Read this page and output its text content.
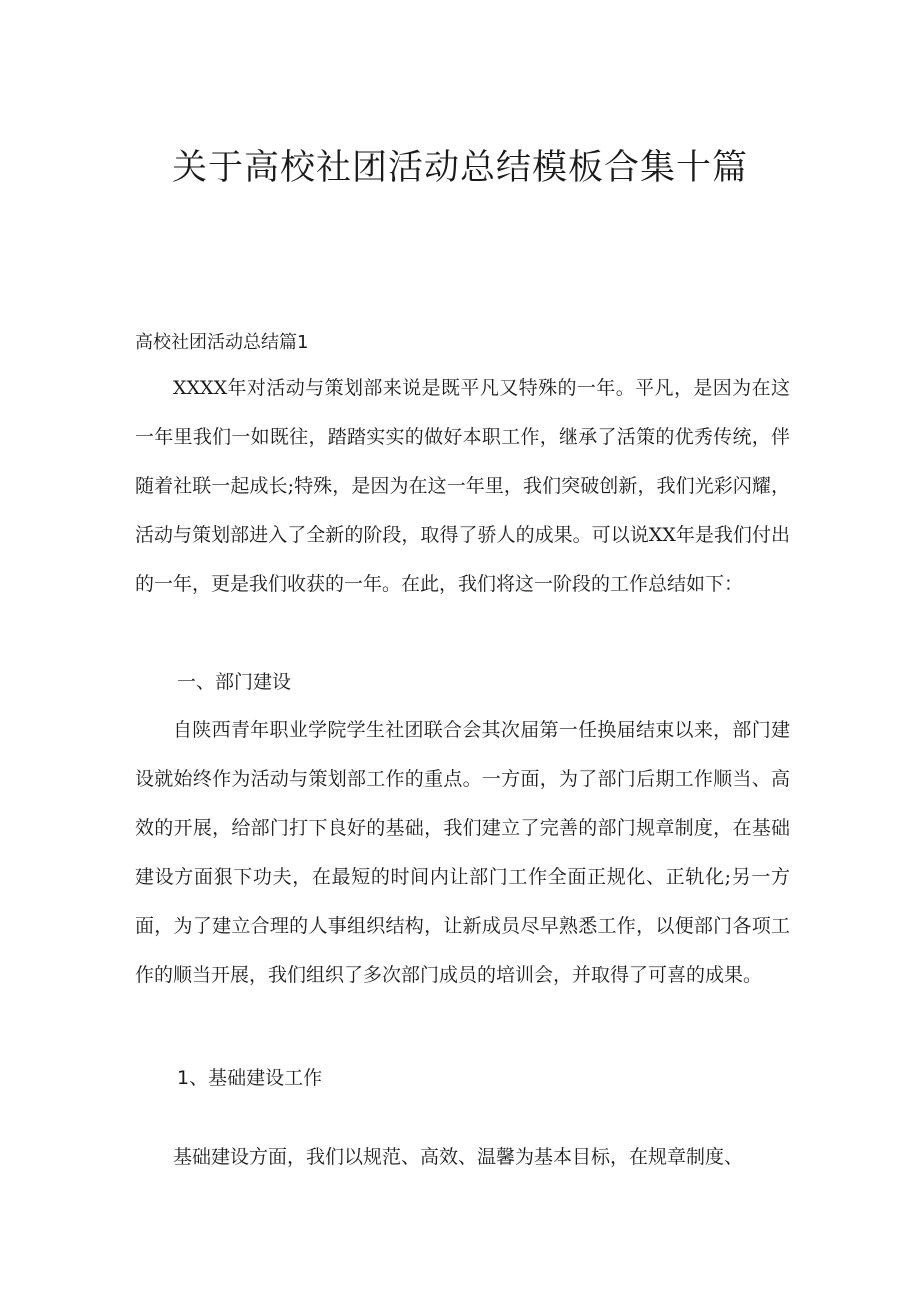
关于高校社团活动总结模板合集十篇

高校社团活动总结篇1

XXXX年对活动与策划部来说是既平凡又特殊的一年。平凡，是因为在这一年里我们一如既往，踏踏实实的做好本职工作，继承了活策的优秀传统，伴随着社联一起成长;特殊，是因为在这一年里，我们突破创新，我们光彩闪耀，活动与策划部进入了全新的阶段，取得了骄人的成果。可以说XX年是我们付出的一年，更是我们收获的一年。在此，我们将这一阶段的工作总结如下：

一、部门建设

自陕西青年职业学院学生社团联合会其次届第一任换届结束以来，部门建设就始终作为活动与策划部工作的重点。一方面，为了部门后期工作顺当、高效的开展，给部门打下良好的基础，我们建立了完善的部门规章制度，在基础建设方面狠下功夫，在最短的时间内让部门工作全面正规化、正轨化;另一方面，为了建立合理的人事组织结构，让新成员尽早熟悉工作，以便部门各项工作的顺当开展，我们组织了多次部门成员的培训会，并取得了可喜的成果。

1、基础建设工作

基础建设方面，我们以规范、高效、温馨为基本目标，在规章制度、
